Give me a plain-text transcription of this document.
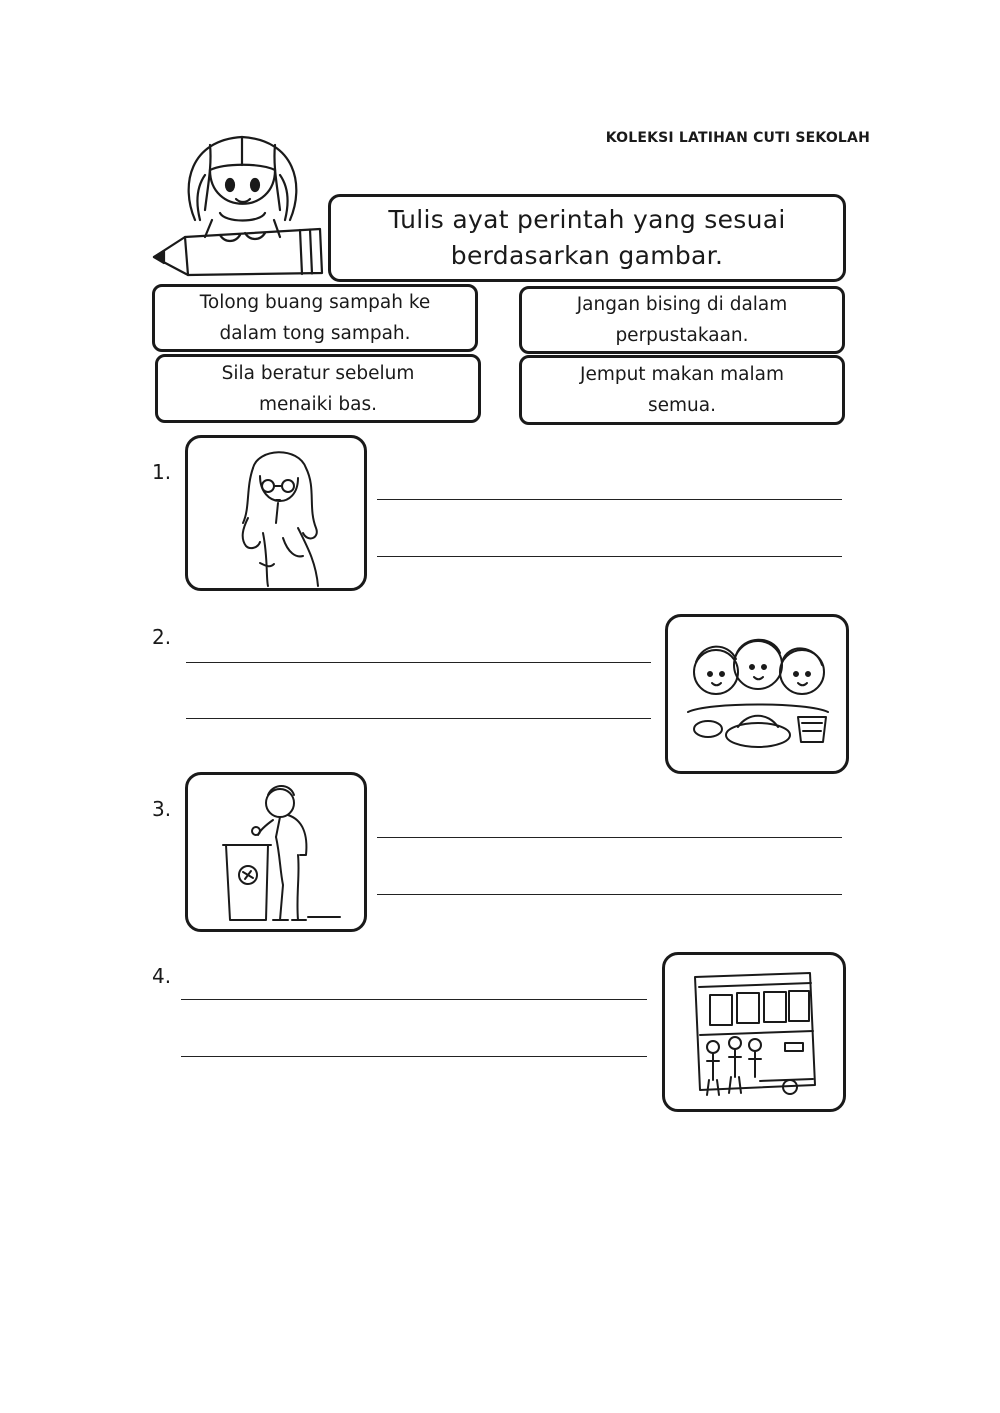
KOLEKSI LATIHAN CUTI SEKOLAH
Tulis ayat perintah yang sesuai
berdasarkan gambar.
Tolong buang sampah ke
dalam tong sampah.
Jangan bising di dalam
perpustakaan.
Sila beratur sebelum
menaiki bas.
Jemput makan malam
semua.
1.
2.
3.
4.
